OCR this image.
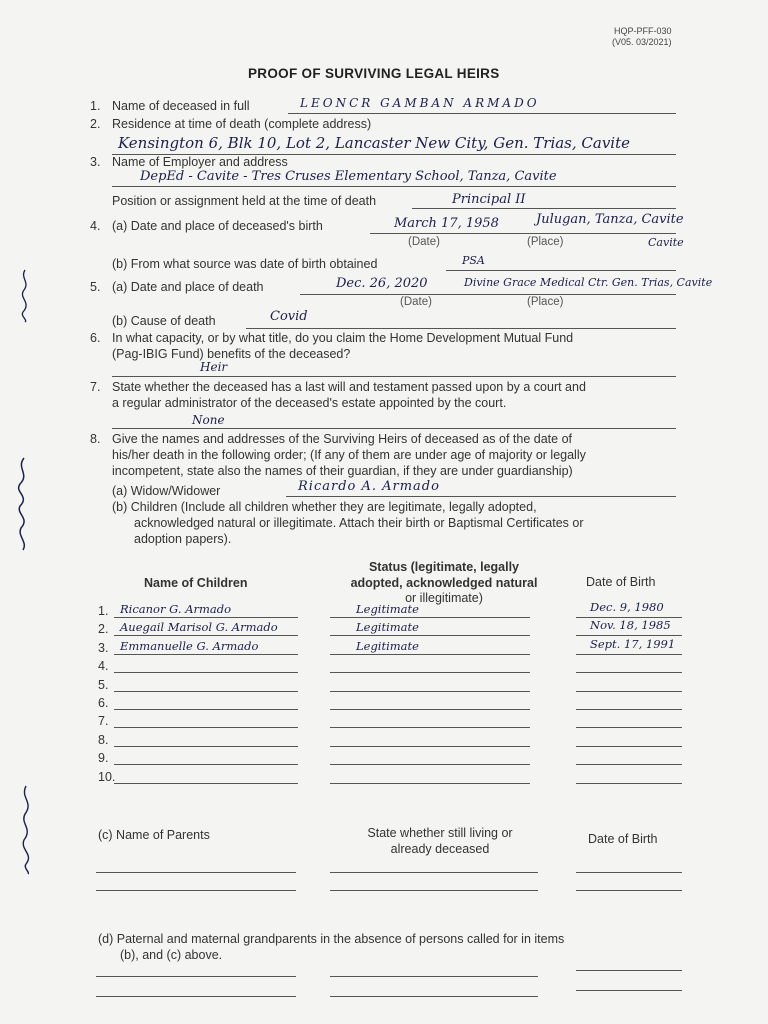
HQP-PFF-030
(V05. 03/2021)
PROOF OF SURVIVING LEGAL HEIRS
1. Name of deceased in full	LEONCR GAMBAN ARMADO
2. Residence at time of death (complete address)
Kensington 6, Blk 10, Lot 2, Lancaster New City, Gen. Trias, Cavite
3. Name of Employer and address
DepEd - Cavite - Tres Cruses Elementary School, Tanza, Cavite
Position or assignment held at the time of death	Principal II
4. (a) Date and place of deceased's birth	March 17, 1958	Julugan, Tanza, Cavite
Cavite
(Date)	(Place)
(b) From what source was date of birth obtained	PSA
5. (a) Date and place of death	Dec. 26, 2020	Divine Grace Medical Ctr. Gen. Trias, Cavite
(Date)	(Place)
(b) Cause of death	Covid
6. In what capacity, or by what title, do you claim the Home Development Mutual Fund
(Pag-IBIG Fund) benefits of the deceased?
Heir
7. State whether the deceased has a last will and testament passed upon by a court and
a regular administrator of the deceased's estate appointed by the court.
None
8. Give the names and addresses of the Surviving Heirs of deceased as of the date of
his/her death in the following order; (If any of them are under age of majority or legally
incompetent, state also the names of their guardian, if they are under guardianship)
(a) Widow/Widower	Ricardo A. Armado
(b) Children (Include all children whether they are legitimate, legally adopted,
acknowledged natural or illegitimate. Attach their birth or Baptismal Certificates or
adoption papers).
Name of Children
Status (legitimate, legally
adopted, acknowledged natural
or illegitimate)
Date of Birth
1. Ricanor G. Armado	Legitimate	Dec. 9, 1980
2. Auegail Marisol G. Armado	Legitimate	Nov. 18, 1985
3. Emmanuelle G. Armado	Legitimate	Sept. 17, 1991
4.
5.
6.
7.
8.
9.
10.
(c) Name of Parents	State whether still living or
already deceased
Date of Birth
(d) Paternal and maternal grandparents in the absence of persons called for in items
(b), and (c) above.
